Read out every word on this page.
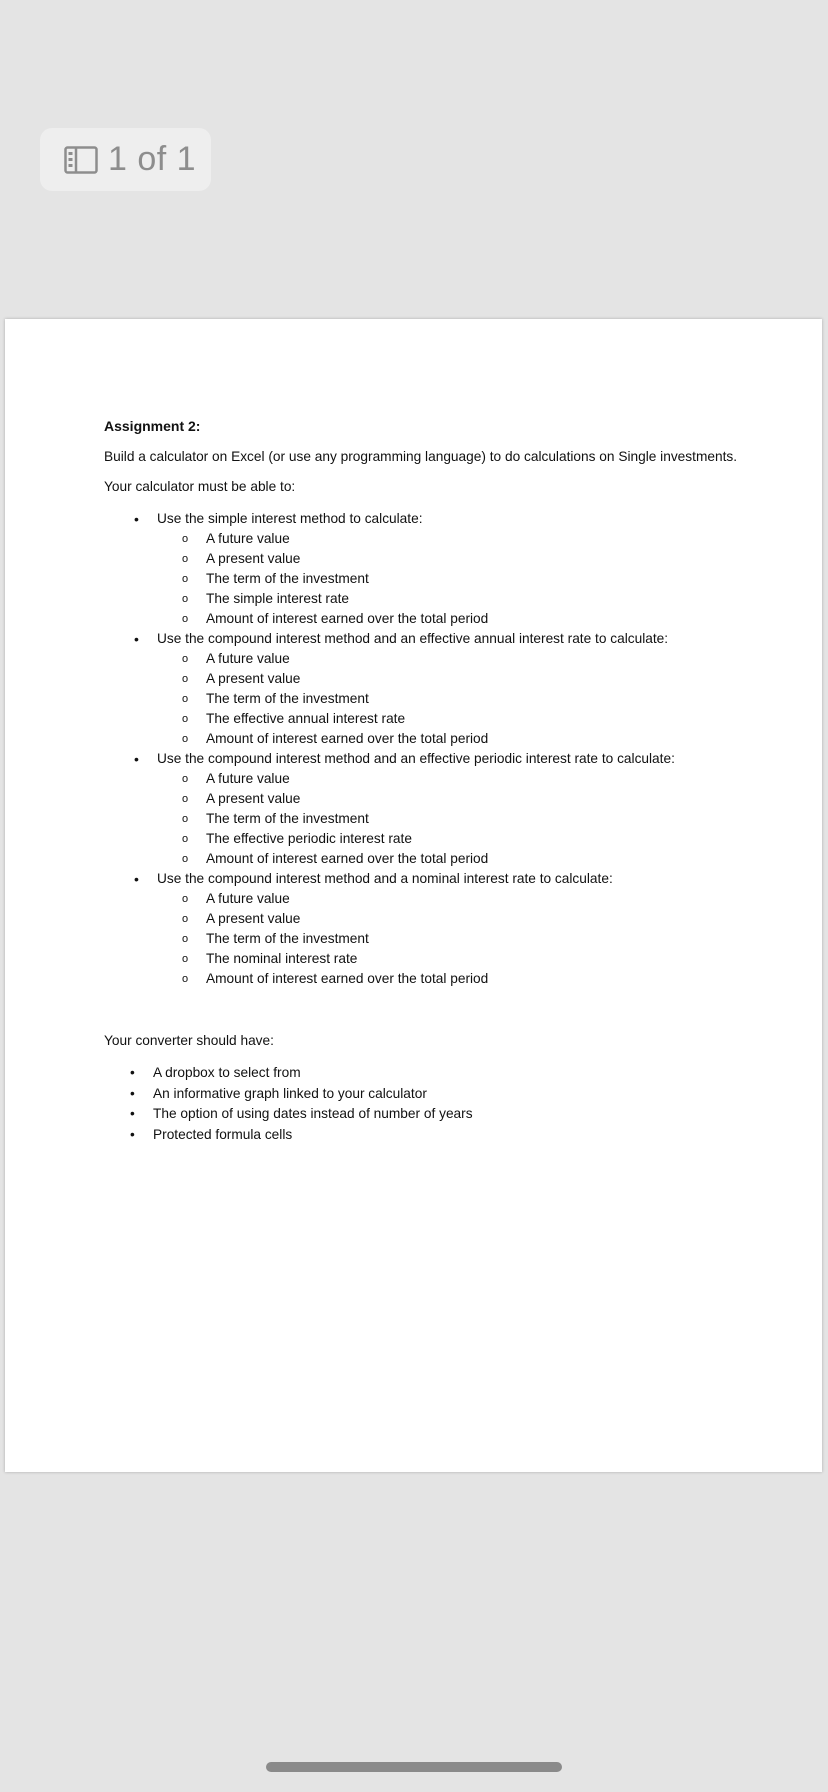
1 of 1

Assignment 2:

Build a calculator on Excel (or use any programming language) to do calculations on Single investments.

Your calculator must be able to:

• Use the simple interest method to calculate:
o A future value
o A present value
o The term of the investment
o The simple interest rate
o Amount of interest earned over the total period
• Use the compound interest method and an effective annual interest rate to calculate:
o A future value
o A present value
o The term of the investment
o The effective annual interest rate
o Amount of interest earned over the total period
• Use the compound interest method and an effective periodic interest rate to calculate:
o A future value
o A present value
o The term of the investment
o The effective periodic interest rate
o Amount of interest earned over the total period
• Use the compound interest method and a nominal interest rate to calculate:
o A future value
o A present value
o The term of the investment
o The nominal interest rate
o Amount of interest earned over the total period

Your converter should have:

• A dropbox to select from
• An informative graph linked to your calculator
• The option of using dates instead of number of years
• Protected formula cells
